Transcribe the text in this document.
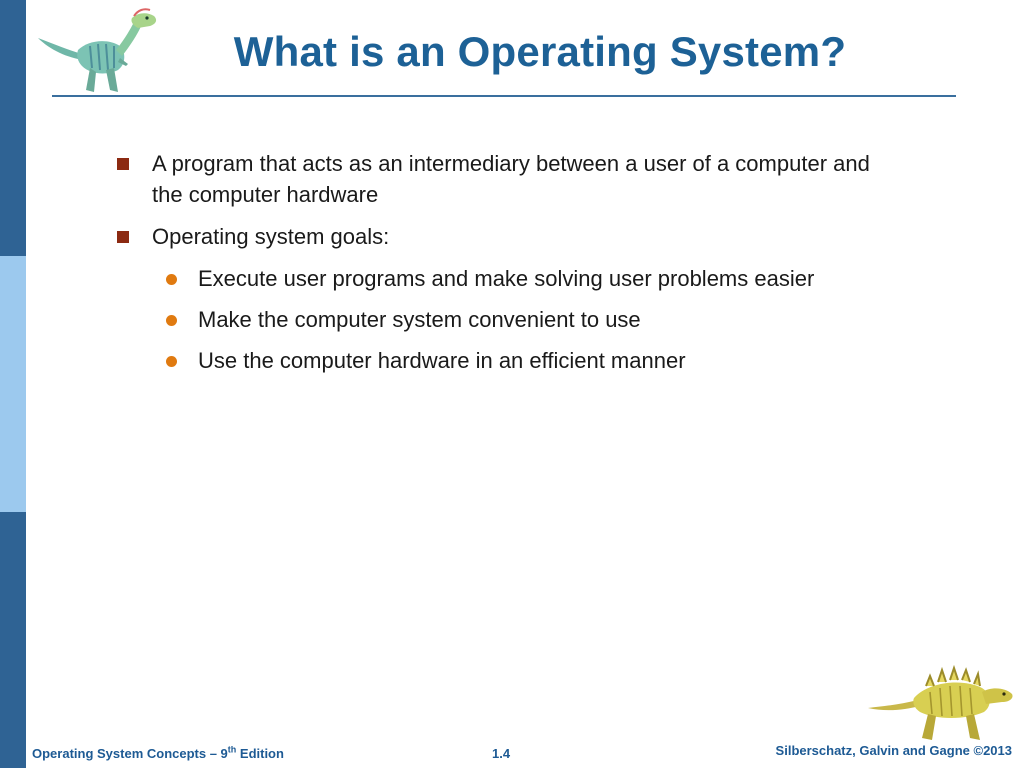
What is an Operating System?
A program that acts as an intermediary between a user of a computer and the computer hardware
Operating system goals:
Execute user programs and make solving user problems easier
Make the computer system convenient to use
Use the computer hardware in an efficient manner
Operating System Concepts – 9th Edition	1.4	Silberschatz, Galvin and Gagne ©2013
